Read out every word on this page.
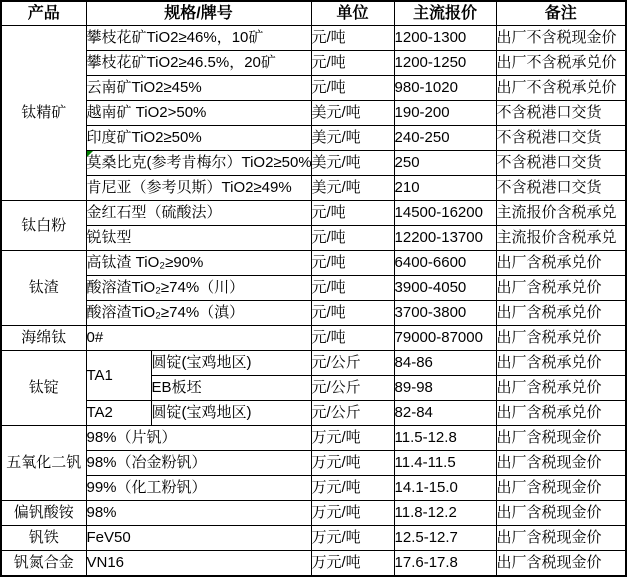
产品	规格/牌号		单位	主流报价	备注
钛精矿	攀枝花矿TiO2≥46%，10矿		元/吨	1200-1300	出厂不含税现金价
	攀枝花矿TiO2≥46.5%，20矿		元/吨	1200-1250	出厂不含税承兑价
	云南矿TiO2≥45%		元/吨	980-1020	出厂不含税承兑价
	越南矿 TiO2>50%		美元/吨	190-200	不含税港口交货
	印度矿TiO2≥50%		美元/吨	240-250	不含税港口交货
	莫桑比克(参考肯梅尔）TiO2≥50%		美元/吨	250	不含税港口交货
	肯尼亚（参考贝斯）TiO2≥49%		美元/吨	210	不含税港口交货
钛白粉	金红石型（硫酸法）		元/吨	14500-16200	主流报价含税承兑
	锐钛型		元/吨	12200-13700	主流报价含税承兑
钛渣	高钛渣 TiO₂≥90%		元/吨	6400-6600	出厂含税承兑价
	酸溶渣TiO₂≥74%（川）		元/吨	3900-4050	出厂含税承兑价
	酸溶渣TiO₂≥74%（滇）		元/吨	3700-3800	出厂含税承兑价
海绵钛	0#		元/吨	79000-87000	出厂含税承兑价
钛锭	TA1	圆锭(宝鸡地区)	元/公斤	84-86	出厂含税承兑价
		EB板坯	元/公斤	89-98	出厂含税承兑价
	TA2	圆锭(宝鸡地区)	元/公斤	82-84	出厂含税承兑价
五氧化二钒	98%（片钒）		万元/吨	11.5-12.8	出厂含税现金价
	98%（冶金粉钒）		万元/吨	11.4-11.5	出厂含税现金价
	99%（化工粉钒）		万元/吨	14.1-15.0	出厂含税现金价
偏钒酸铵	98%		万元/吨	11.8-12.2	出厂含税现金价
钒铁	FeV50		万元/吨	12.5-12.7	出厂含税现金价
钒氮合金	VN16		万元/吨	17.6-17.8	出厂含税现金价
